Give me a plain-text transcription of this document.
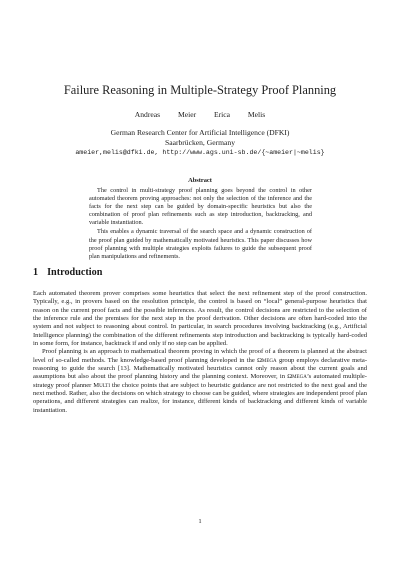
Failure Reasoning in Multiple-Strategy Proof Planning
Andreas Meier Erica Melis
German Research Center for Artificial Intelligence (DFKI)
Saarbrücken, Germany
ameier,melis@dfki.de, http://www.ags.uni-sb.de/{~ameier|~melis}
Abstract

The control in multi-strategy proof planning goes beyond the control in other automated theorem proving approaches: not only the selection of the inference and the facts for the next step can be guided by domain-specific heuristics but also the combination of proof plan refinements such as step introduction, backtracking, and variable instantiation.

This enables a dynamic traversal of the search space and a dynamic construction of the proof plan guided by mathematically motivated heuristics. This paper discusses how proof planning with multiple strategies exploits failures to guide the subsequent proof plan manipulations and refinements.

1 Introduction

Each automated theorem prover comprises some heuristics that select the next refinement step of the proof construction. Typically, e.g., in provers based on the resolution principle, the control is based on “local” general-purpose heuristics that reason on the current proof facts and the possible inferences. As result, the control decisions are restricted to the selection of the inference rule and the premises for the next step in the proof derivation. Other decisions are often hard-coded into the system and not subject to reasoning about control. In particular, in search procedures involving backtracking (e.g., Artificial Intelligence planning) the combination of the different refinements step introduction and backtracking is typically hard-coded in some form, for instance, backtrack if and only if no step can be applied.

Proof planning is an approach to mathematical theorem proving in which the proof of a theorem is planned at the abstract level of so-called methods. The knowledge-based proof planning developed in the Ωmega group employs declarative meta-reasoning to guide the search [13]. Mathematically motivated heuristics cannot only reason about the current goals and assumptions but also about the proof planning history and the planning context. Moreover, in Ωmega’s automated multiple-strategy proof planner Multi the choice points that are subject to heuristic guidance are not restricted to the next goal and the next method. Rather, also the decisions on which strategy to choose can be guided, where strategies are independent proof plan operations, and different strategies can realize, for instance, different kinds of backtracking and different kinds of variable instantiation.

1
